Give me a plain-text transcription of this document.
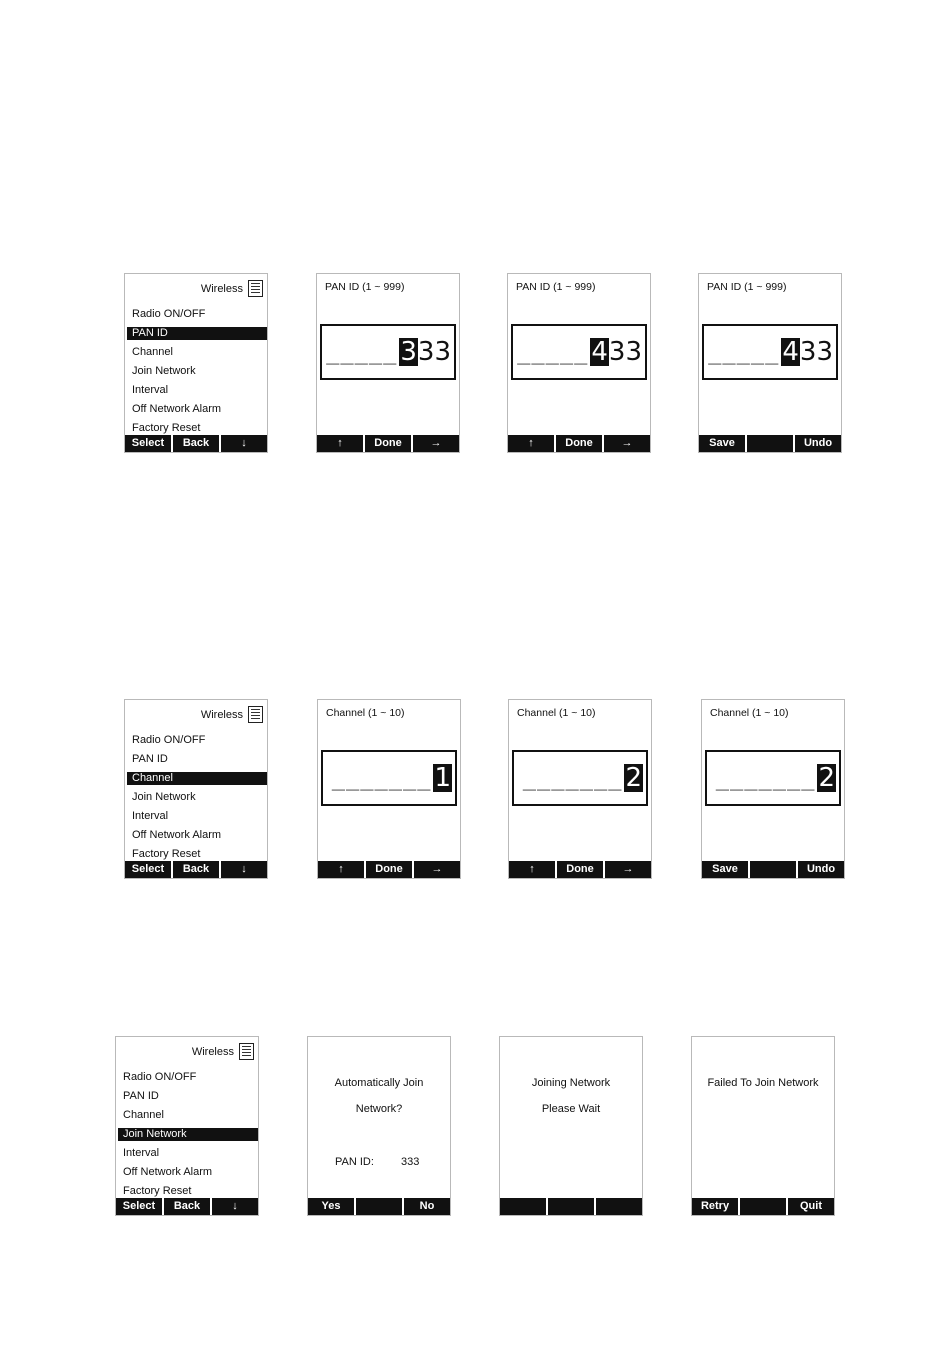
Wireless
Radio ON/OFF
PAN ID
Channel
Join Network
Interval
Off Network Alarm
Factory Reset
Select	Back	↓
PAN ID (1 ~ 999)
_____ 3 33
↑	Done	→
PAN ID (1 ~ 999)
_____ 4 33
↑	Done	→
PAN ID (1 ~ 999)
_____ 4 33
Save	Undo
Wireless
Radio ON/OFF
PAN ID
Channel
Join Network
Interval
Off Network Alarm
Factory Reset
Select	Back	↓
Channel (1 ~ 10)
_______ 1
↑	Done	→
Channel (1 ~ 10)
_______ 2
↑	Done	→
Channel (1 ~ 10)
_______ 2
Save	Undo
Wireless
Radio ON/OFF
PAN ID
Channel
Join Network
Interval
Off Network Alarm
Factory Reset
Select	Back	↓
Automatically Join
Network?
PAN ID: 333
Yes	No
Joining Network
Please Wait
Failed To Join Network
Retry	Quit
